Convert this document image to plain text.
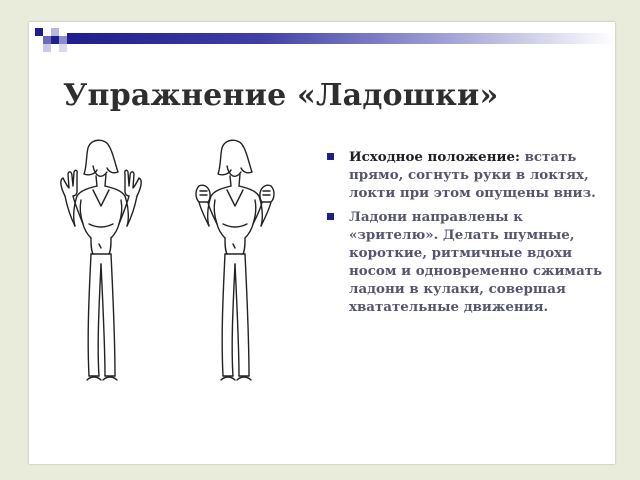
Упражнение «Ладошки»
Исходное положение: встать прямо, согнуть руки в локтях, локти при этом опущены вниз.
Ладони направлены к «зрителю». Делать шумные, короткие, ритмичные вдохи носом и одновременно сжимать ладони в кулаки, совершая хватательные движения.
